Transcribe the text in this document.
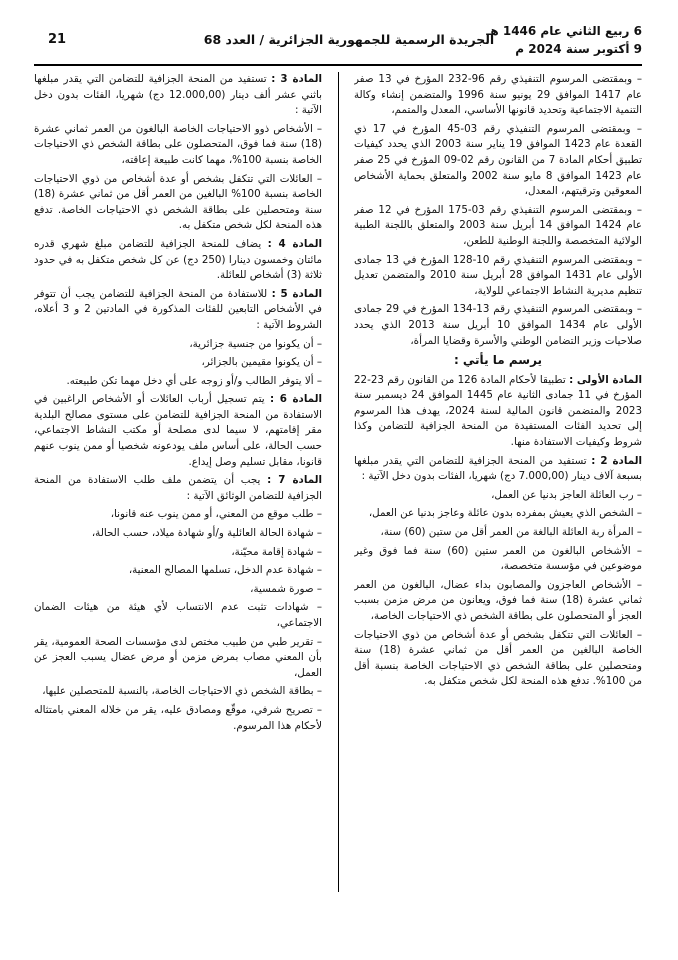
6 ربيع الثاني عام 1446 هـ
9 أكتوبر سنة 2024 م
الجريدة الرسمية للجمهورية الجزائرية / العدد 68
21

– وبمقتضى المرسوم التنفيذي رقم 96-232 المؤرخ في 13 صفر عام 1417 الموافق 29 يونيو سنة 1996 والمتضمن إنشاء وكالة التنمية الاجتماعية وتحديد قانونها الأساسي، المعدل والمتمم،

– وبمقتضى المرسوم التنفيذي رقم 03-45 المؤرخ في 17 ذي القعدة عام 1423 الموافق 19 يناير سنة 2003 الذي يحدد كيفيات تطبيق أحكام المادة 7 من القانون رقم 02-09 المؤرخ في 25 صفر عام 1423 الموافق 8 مايو سنة 2002 والمتعلق بحماية الأشخاص المعوقين وترقيتهم، المعدل،

– وبمقتضى المرسوم التنفيذي رقم 03-175 المؤرخ في 12 صفر عام 1424 الموافق 14 أبريل سنة 2003 والمتعلق باللجنة الطبية الولائية المتخصصة واللجنة الوطنية للطعن،

– وبمقتضى المرسوم التنفيذي رقم 10-128 المؤرخ في 13 جمادى الأولى عام 1431 الموافق 28 أبريل سنة 2010 والمتضمن تعديل تنظيم مديرية النشاط الاجتماعي للولاية،

– وبمقتضى المرسوم التنفيذي رقم 13-134 المؤرخ في 29 جمادى الأولى عام 1434 الموافق 10 أبريل سنة 2013 الذي يحدد صلاحيات وزير التضامن الوطني والأسرة وقضايا المرأة،

يرسم ما يأتي :

المادة الأولى : تطبيقا لأحكام المادة 126 من القانون رقم 23-22 المؤرخ في 11 جمادى الثانية عام 1445 الموافق 24 ديسمبر سنة 2023 والمتضمن قانون المالية لسنة 2024، يهدف هذا المرسوم إلى تحديد الفئات المستفيدة من المنحة الجزافية للتضامن وكذا شروط وكيفيات الاستفادة منها.

المادة 2 : تستفيد من المنحة الجزافية للتضامن التي يقدر مبلغها بسبعة آلاف دينار (7.000,00 دج) شهريا، الفئات بدون دخل الآتية :

– رب العائلة العاجز بدنيا عن العمل،

– الشخص الذي يعيش بمفرده بدون عائلة وعاجز بدنيا عن العمل،

– المرأة ربة العائلة البالغة من العمر أقل من ستين (60) سنة،

– الأشخاص البالغون من العمر ستين (60) سنة فما فوق وغير موضوعين في مؤسسة متخصصة،

– الأشخاص العاجزون والمصابون بداء عضال، البالغون من العمر ثماني عشرة (18) سنة فما فوق، ويعانون من مرض مزمن بسبب العجز أو المتحصلون على بطاقة الشخص ذي الاحتياجات الخاصة،

– العائلات التي تتكفل بشخص أو عدة أشخاص من ذوي الاحتياجات الخاصة البالغين من العمر أقل من ثماني عشرة (18) سنة ومتحصلين على بطاقة الشخص ذي الاحتياجات الخاصة بنسبة أقل من 100%. تدفع هذه المنحة لكل شخص متكفل به.

المادة 3 : تستفيد من المنحة الجزافية للتضامن التي يقدر مبلغها باثني عشر ألف دينار (12.000,00 دج) شهريا، الفئات بدون دخل الآتية :

– الأشخاص ذوو الاحتياجات الخاصة البالغون من العمر ثماني عشرة (18) سنة فما فوق، المتحصلون على بطاقة الشخص ذي الاحتياجات الخاصة بنسبة 100%، مهما كانت طبيعة إعاقته،

– العائلات التي تتكفل بشخص أو عدة أشخاص من ذوي الاحتياجات الخاصة بنسبة 100% البالغين من العمر أقل من ثماني عشرة (18) سنة ومتحصلين على بطاقة الشخص ذي الاحتياجات الخاصة. تدفع هذه المنحة لكل شخص متكفل به.

المادة 4 : يضاف للمنحة الجزافية للتضامن مبلغ شهري قدره مائتان وخمسون دينارا (250 دج) عن كل شخص متكفل به في حدود ثلاثة (3) أشخاص للعائلة.

المادة 5 : للاستفادة من المنحة الجزافية للتضامن يجب أن تتوفر في الأشخاص التابعين للفئات المذكورة في المادتين 2 و 3 أعلاه، الشروط الآتية :

– أن يكونوا من جنسية جزائرية،

– أن يكونوا مقيمين بالجزائر،

– ألا يتوفر الطالب و/أو زوجه على أي دخل مهما تكن طبيعته.

المادة 6 : يتم تسجيل أرباب العائلات أو الأشخاص الراغبين في الاستفادة من المنحة الجزافية للتضامن على مستوى مصالح البلدية مقر إقامتهم، لا سيما لدى مصلحة أو مكتب النشاط الاجتماعي، حسب الحالة، على أساس ملف يودعونه شخصيا أو ممن ينوب عنهم قانونا، مقابل تسليم وصل إيداع.

المادة 7 : يجب أن يتضمن ملف طلب الاستفادة من المنحة الجزافية للتضامن الوثائق الآتية :

– طلب موقع من المعني، أو ممن ينوب عنه قانونا،

– شهادة الحالة العائلية و/أو شهادة ميلاد، حسب الحالة،

– شهادة إقامة محيّنة،

– شهادة عدم الدخل، تسلمها المصالح المعنية،

– صورة شمسية،

– شهادات تثبت عدم الانتساب لأي هيئة من هيئات الضمان الاجتماعي،

– تقرير طبي من طبيب مختص لدى مؤسسات الصحة العمومية، يقر بأن المعني مصاب بمرض مزمن أو مرض عضال يسبب العجز عن العمل،

– بطاقة الشخص ذي الاحتياجات الخاصة، بالنسبة للمتحصلين عليها،

– تصريح شرفي، موقّع ومصادق عليه، يقر من خلاله المعني بامتثاله لأحكام هذا المرسوم.
